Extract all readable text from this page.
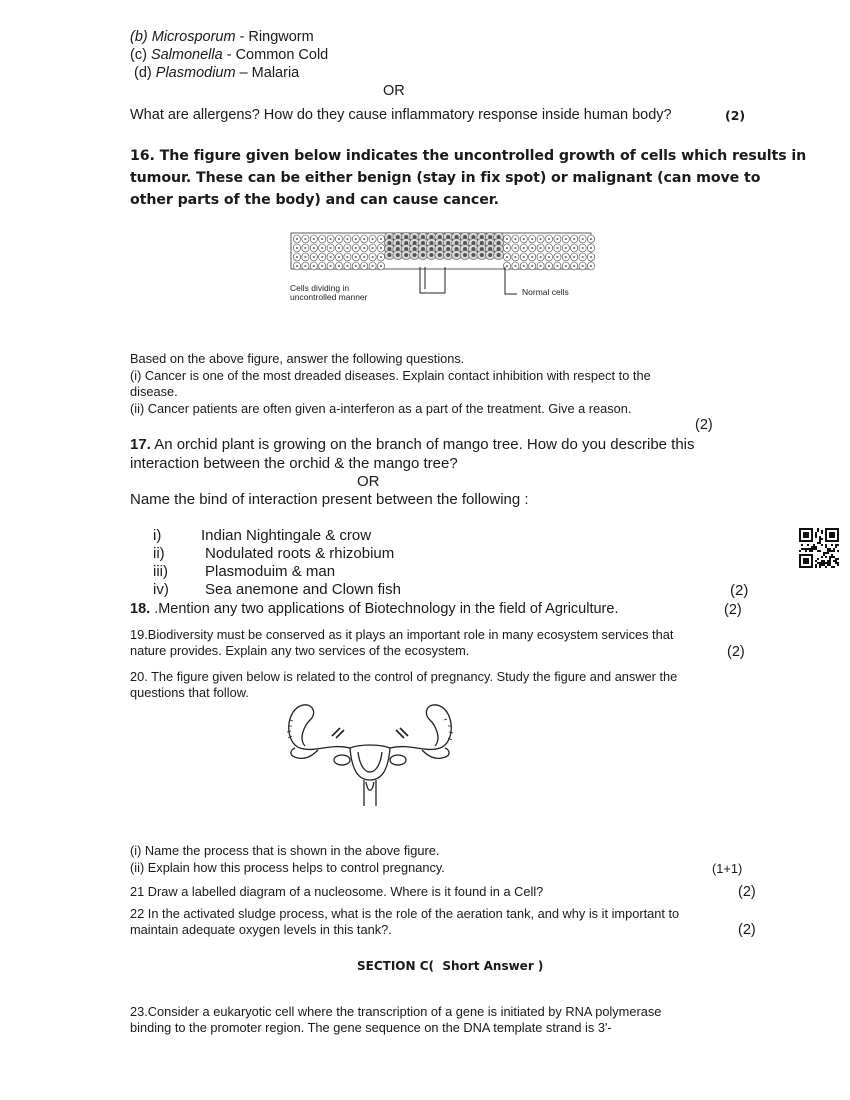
(b) Microsporum - Ringworm
(c) Salmonella - Common Cold
(d) Plasmodium – Malaria
OR
What are allergens? How do they cause inflammatory response inside human body?	(2)
16. The figure given below indicates the uncontrolled growth of cells which results in
tumour. These can be either benign (stay in fix spot) or malignant (can move to
other parts of the body) and can cause cancer.
Cells dividing in
uncontrolled manner	Normal cells
Based on the above figure, answer the following questions.
(i) Cancer is one of the most dreaded diseases. Explain contact inhibition with respect to the
disease.
(ii) Cancer patients are often given a-interferon as a part of the treatment. Give a reason.
(2)
17. An orchid plant is growing on the branch of mango tree. How do you describe this
interaction between the orchid & the mango tree?
OR
Name the bind of interaction present between the following :
i)	Indian Nightingale & crow
ii)	Nodulated roots & rhizobium
iii) Plasmoduim & man
iv) Sea anemone and Clown fish	(2)
18. .Mention any two applications of Biotechnology in the field of Agriculture.	(2)
19.Biodiversity must be conserved as it plays an important role in many ecosystem services that
nature provides. Explain any two services of the ecosystem.	(2)
20. The figure given below is related to the control of pregnancy. Study the figure and answer the
questions that follow.
(i) Name the process that is shown in the above figure.
(ii) Explain how this process helps to control pregnancy.	(1+1)
21 Draw a labelled diagram of a nucleosome. Where is it found in a Cell?	(2)
22 In the activated sludge process, what is the role of the aeration tank, and why is it important to
maintain adequate oxygen levels in this tank?.	(2)
SECTION C(  Short Answer )
23.Consider a eukaryotic cell where the transcription of a gene is initiated by RNA polymerase
binding to the promoter region. The gene sequence on the DNA template strand is 3'-
